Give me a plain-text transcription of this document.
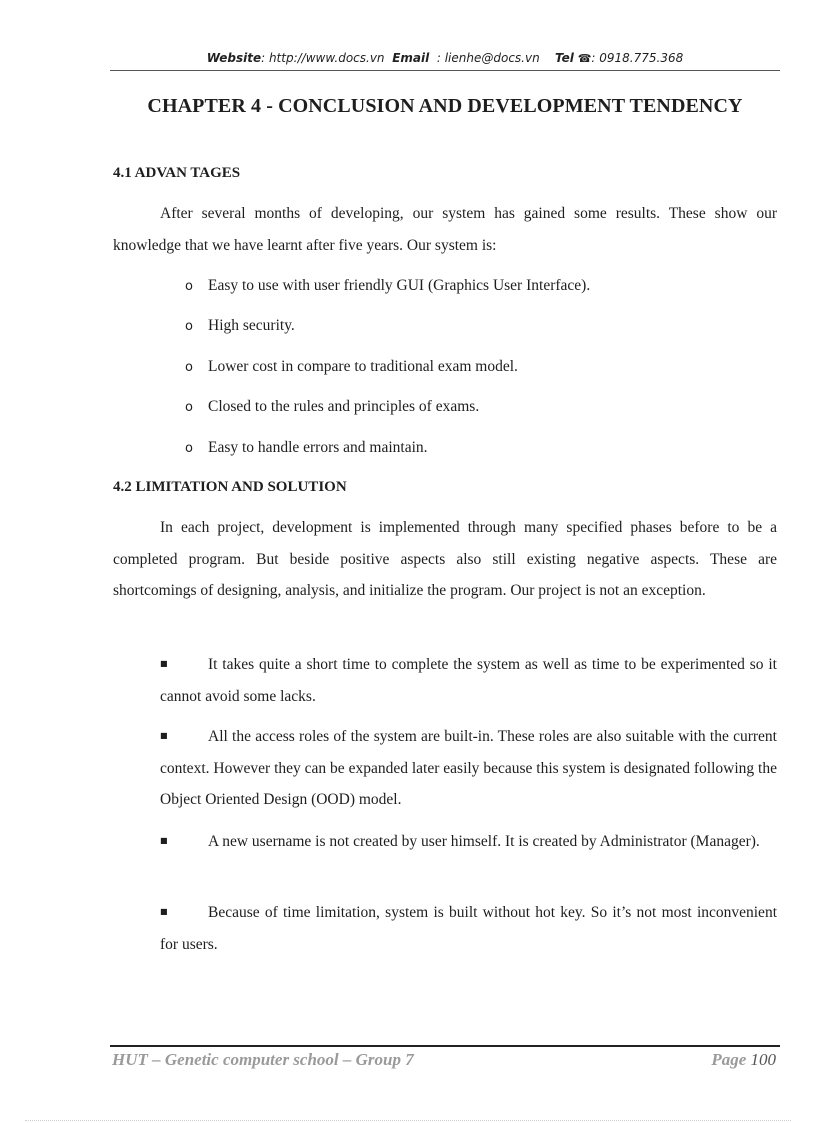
Website: http://www.docs.vn Email : lienhe@docs.vn Tel ☎: 0918.775.368
CHAPTER 4 - CONCLUSION AND DEVELOPMENT TENDENCY
4.1 ADVAN TAGES

After several months of developing, our system has gained some results. These show our knowledge that we have learnt after five years. Our system is:

o Easy to use with user friendly GUI (Graphics User Interface).
o High security.
o Lower cost in compare to traditional exam model.
o Closed to the rules and principles of exams.
o Easy to handle errors and maintain.
4.2 LIMITATION AND SOLUTION

In each project, development is implemented through many specified phases before to be a completed program. But beside positive aspects also still existing negative aspects. These are shortcomings of designing, analysis, and initialize the program. Our project is not an exception.

■	It takes quite a short time to complete the system as well as time to be experimented so it cannot avoid some lacks.
■	All the access roles of the system are built-in. These roles are also suitable with the current context. However they can be expanded later easily because this system is designated following the Object Oriented Design (OOD) model.
■	A new username is not created by user himself. It is created by Administrator (Manager).
■	Because of time limitation, system is built without hot key. So it’s not most inconvenient for users.
HUT – Genetic computer school – Group 7	Page 100
